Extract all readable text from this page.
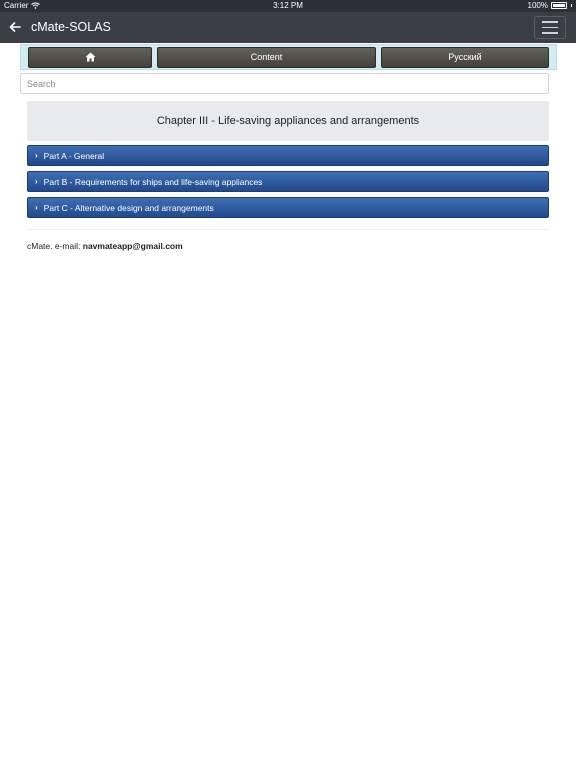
Carrier	3:12 PM	100%
cMate-SOLAS
Content	Русский
Search
Chapter III - Life-saving appliances and arrangements
› Part A - General
› Part B - Requirements for ships and life-saving appliances
› Part C - Alternative design and arrangements
cMate. e-mail: navmateapp@gmail.com
